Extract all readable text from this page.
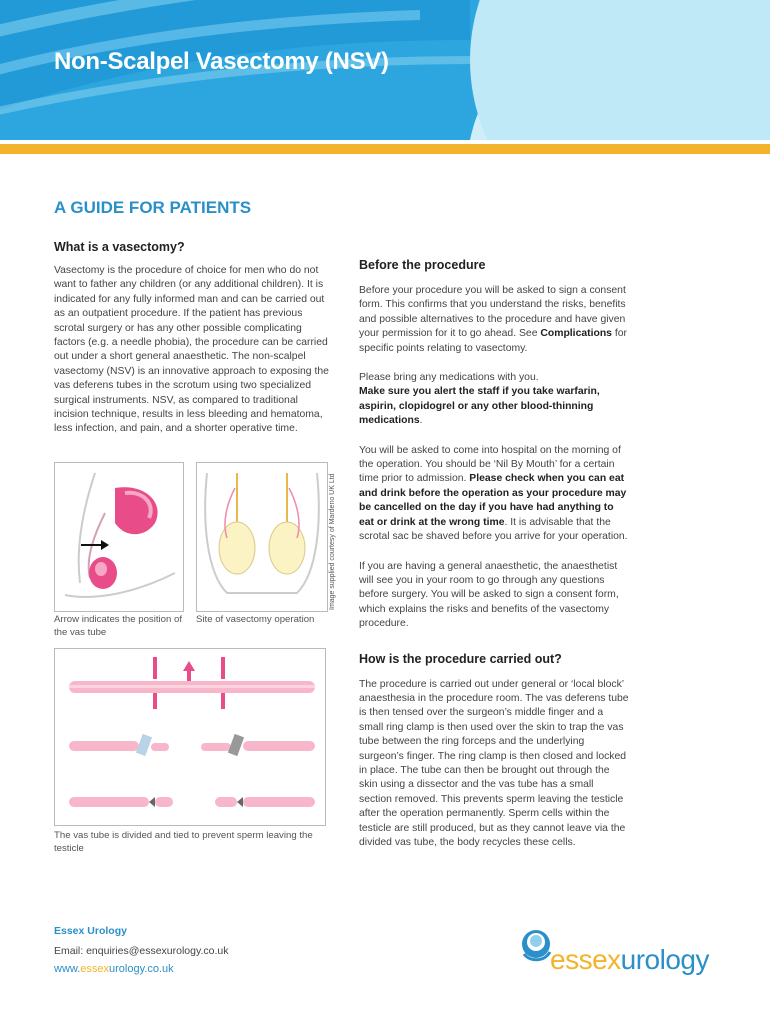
Non-Scalpel Vasectomy (NSV)
A GUIDE FOR PATIENTS
What is a vasectomy?

Vasectomy is the procedure of choice for men who do not want to father any children (or any additional children). It is indicated for any fully informed man and can be carried out as an outpatient procedure. If the patient has previous scrotal surgery or has any other possible complicating factors (e.g. a needle phobia), the procedure can be carried out under a short general anaesthetic. The non-scalpel vasectomy (NSV) is an innovative approach to exposing the vas deferens tubes in the scrotum using two specialized surgical instruments. NSV, as compared to traditional incision technique, results in less bleeding and hematoma, less infection, and pain, and a shorter operative time.

Image supplied courtesy of Mardeno UK Ltd
Arrow indicates the position of the vas tube
Site of vasectomy operation
The vas tube is divided and tied to prevent sperm leaving the testicle
Before the procedure

Before your procedure you will be asked to sign a consent form. This confirms that you understand the risks, benefits and possible alternatives to the procedure and have given your permission for it to go ahead. See Complications for specific points relating to vasectomy.

Please bring any medications with you.
Make sure you alert the staff if you take warfarin, aspirin, clopidogrel or any other blood-thinning medications.

You will be asked to come into hospital on the morning of the operation. You should be ‘Nil By Mouth’ for a certain time prior to admission. Please check when you can eat and drink before the operation as your procedure may be cancelled on the day if you have had anything to eat or drink at the wrong time. It is advisable that the scrotal sac be shaved before you arrive for your operation.

If you are having a general anaesthetic, the anaesthetist will see you in your room to go through any questions before surgery. You will be asked to sign a consent form, which explains the risks and benefits of the vasectomy procedure.

How is the procedure carried out?

The procedure is carried out under general or ‘local block’ anaesthesia in the procedure room. The vas deferens tube is then tensed over the surgeon’s middle finger and a small ring clamp is then used over the skin to trap the vas tube between the ring forceps and the underlying surgeon’s finger. The ring clamp is then closed and locked in place. The tube can then be brought out through the skin using a dissector and the vas tube has a small section removed. This prevents sperm leaving the testicle after the operation permanently. Sperm cells within the testicle are still produced, but as they cannot leave via the divided vas tube, the body recycles these cells.

Essex Urology
Email: enquiries@essexurology.co.uk
www.essexurology.co.uk	essexurology
